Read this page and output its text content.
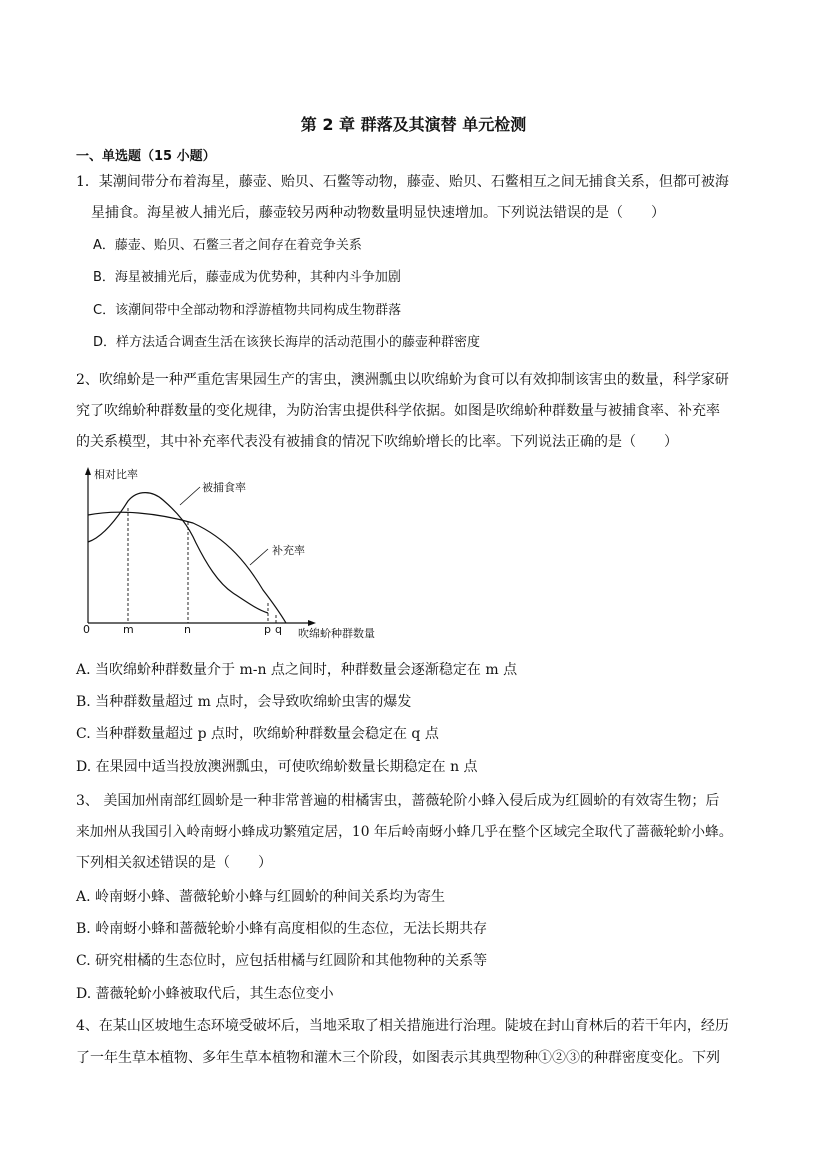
第 2 章 群落及其演替 单元检测
一、单选题（15 小题）
1．某潮间带分布着海星，藤壶、贻贝、石鳖等动物，藤壶、贻贝、石鳖相互之间无捕食关系，但都可被海
星捕食。海星被人捕光后，藤壶较另两种动物数量明显快速增加。下列说法错误的是（　　）
A．藤壶、贻贝、石鳖三者之间存在着竞争关系
B．海星被捕光后，藤壶成为优势种，其种内斗争加剧
C．该潮间带中全部动物和浮游植物共同构成生物群落
D．样方法适合调查生活在该狭长海岸的活动范围小的藤壶种群密度
2、吹绵蚧是一种严重危害果园生产的害虫，澳洲瓢虫以吹绵蚧为食可以有效抑制该害虫的数量，科学家研
究了吹绵蚧种群数量的变化规律，为防治害虫提供科学依据。如图是吹绵蚧种群数量与被捕食率、补充率
的关系模型，其中补充率代表没有被捕食的情况下吹绵蚧增长的比率。下列说法正确的是（　　）
相对比率
被捕食率
补充率
吹绵蚧种群数量
0	m	n	p q
A. 当吹绵蚧种群数量介于 m-n 点之间时，种群数量会逐渐稳定在 m 点
B. 当种群数量超过 m 点时，会导致吹绵蚧虫害的爆发
C. 当种群数量超过 p 点时，吹绵蚧种群数量会稳定在 q 点
D. 在果园中适当投放澳洲瓢虫，可使吹绵蚧数量长期稳定在 n 点
3、 美国加州南部红圆蚧是一种非常普遍的柑橘害虫，蔷薇轮阶小蜂入侵后成为红圆蚧的有效寄生物；后
来加州从我国引入岭南蚜小蜂成功繁殖定居，10 年后岭南蚜小蜂几乎在整个区域完全取代了蔷薇轮蚧小蜂。
下列相关叙述错误的是（　　）
A. 岭南蚜小蜂、蔷薇轮蚧小蜂与红圆蚧的种间关系均为寄生
B. 岭南蚜小蜂和蔷薇轮蚧小蜂有高度相似的生态位，无法长期共存
C. 研究柑橘的生态位时，应包括柑橘与红圆阶和其他物种的关系等
D. 蔷薇轮蚧小蜂被取代后，其生态位变小
4、在某山区坡地生态环境受破坏后，当地采取了相关措施进行治理。陡坡在封山育林后的若干年内，经历
了一年生草本植物、多年生草本植物和灌木三个阶段，如图表示其典型物种①②③的种群密度变化。下列
